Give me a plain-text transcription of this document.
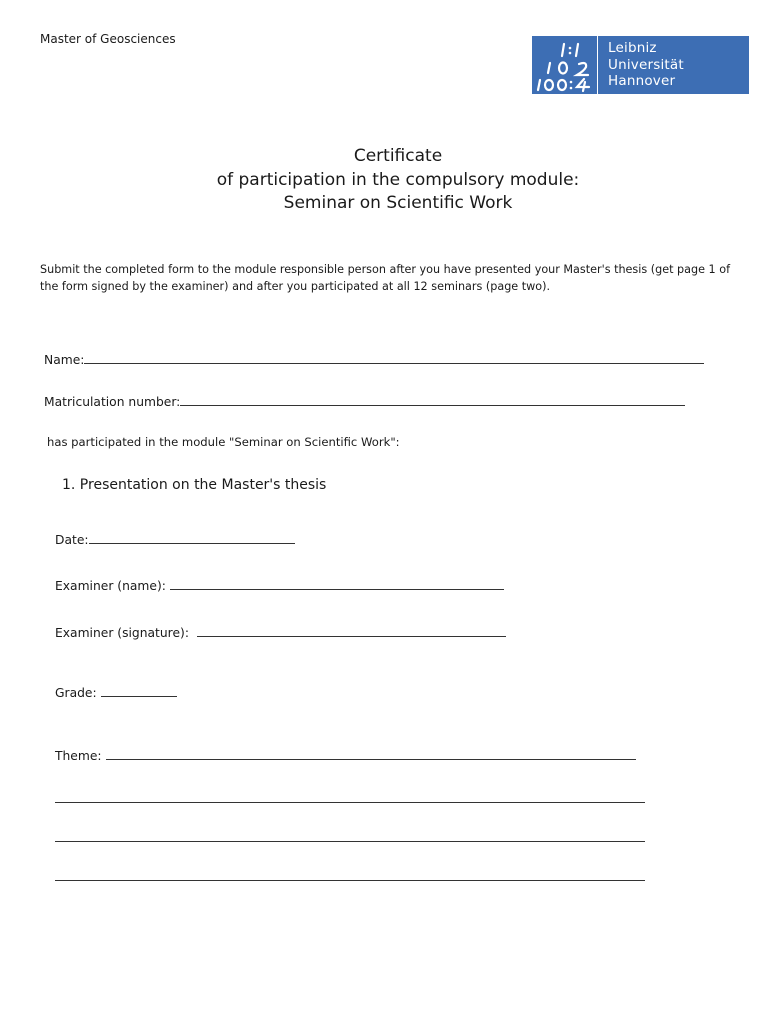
Master of Geosciences
Leibniz
Universität
Hannover
Certificate
of participation in the compulsory module:
Seminar on Scientific Work
Submit the completed form to the module responsible person after you have presented your Master's thesis (get page 1 of the form signed by the examiner) and after you participated at all 12 seminars (page two).
Name:
Matriculation number:
has participated in the module "Seminar on Scientific Work":
1. Presentation on the Master's thesis
Date:
Examiner (name):
Examiner (signature):
Grade:
Theme:
